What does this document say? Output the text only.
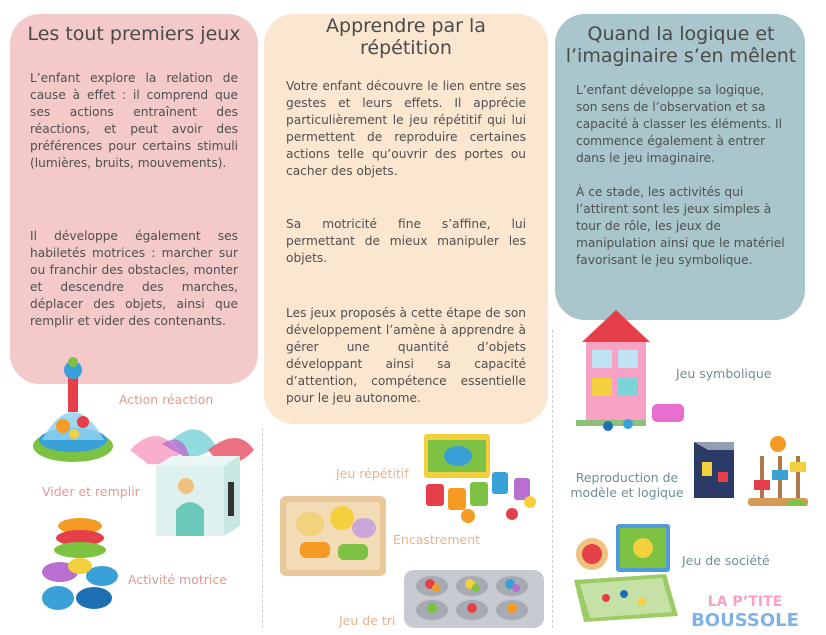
Les tout premiers jeux

L’enfant explore la relation de cause à effet : il comprend que ses actions entraînent des réactions, et peut avoir des préférences pour certains stimuli (lumières, bruits, mouvements).

Il développe également ses habiletés motrices : marcher sur ou franchir des obstacles, monter et descendre des marches, déplacer des objets, ainsi que remplir et vider des contenants.

Apprendre par la répétition

Votre enfant découvre le lien entre ses gestes et leurs effets. Il apprécie particulièrement le jeu répétitif qui lui permettent de reproduire certaines actions telle qu’ouvrir des portes ou cacher des objets.

Sa motricité fine s’affine, lui permettant de mieux manipuler les objets.

Les jeux proposés à cette étape de son développement l’amène à apprendre à gérer une quantité d’objets développant ainsi sa capacité d’attention, compétence essentielle pour le jeu autonome.

Quand la logique et l’imaginaire s’en mêlent

L’enfant développe sa logique, son sens de l’observation et sa capacité à classer les éléments. Il commence également à entrer dans le jeu imaginaire.

À ce stade, les activités qui l’attirent sont les jeux simples à tour de rôle, les jeux de manipulation ainsi que le matériel favorisant le jeu symbolique.

Action réaction
Vider et remplir
Activité motrice
Jeu répétitif
Encastrement
Jeu de tri
Jeu symbolique
Reproduction de modèle et logique
Jeu de société
LA P’TITE
BOUSSOLE
